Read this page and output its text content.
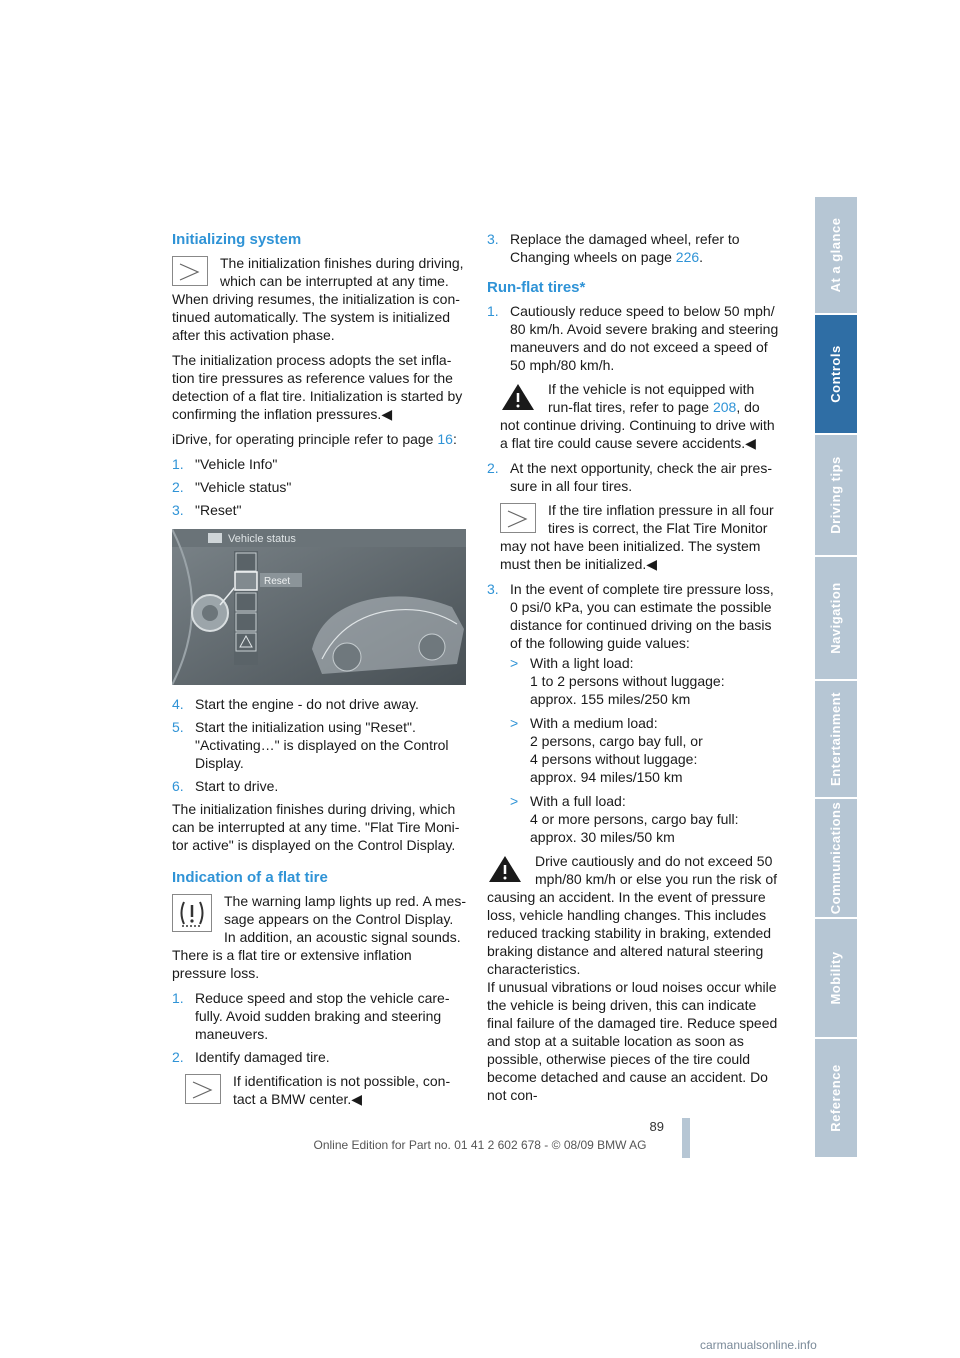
Initializing system

The initialization finishes during driving, which can be interrupted at any time. When driving resumes, the initialization is con-tinued automatically. The system is initialized after this activation phase.

The initialization process adopts the set infla-tion tire pressures as reference values for the detection of a flat tire. Initialization is started by confirming the inflation pressures.◀

iDrive, for operating principle refer to page 16:

1. "Vehicle Info"
2. "Vehicle status"
3. "Reset"
Vehicle status
Reset
4. Start the engine - do not drive away.
5. Start the initialization using "Reset". "Activating…" is displayed on the Control Display.
6. Start to drive.

The initialization finishes during driving, which can be interrupted at any time. "Flat Tire Moni-tor active" is displayed on the Control Display.

Indication of a flat tire

The warning lamp lights up red. A mes-sage appears on the Control Display. In addition, an acoustic signal sounds. There is a flat tire or extensive inflation pressure loss.

1. Reduce speed and stop the vehicle care-fully. Avoid sudden braking and steering maneuvers.
2. Identify damaged tire.

If identification is not possible, con-tact a BMW center.◀

3. Replace the damaged wheel, refer to Changing wheels on page 226.
Run-flat tires*
1. Cautiously reduce speed to below 50 mph/ 80 km/h. Avoid severe braking and steering maneuvers and do not exceed a speed of 50 mph/80 km/h.

If the vehicle is not equipped with run-flat tires, refer to page 208, do not continue driving. Continuing to drive with a flat tire could cause severe accidents.◀

2. At the next opportunity, check the air pres-sure in all four tires.

If the tire inflation pressure in all four tires is correct, the Flat Tire Monitor may not have been initialized. The system must then be initialized.◀

3. In the event of complete tire pressure loss, 0 psi/0 kPa, you can estimate the possible distance for continued driving on the basis of the following guide values:
> With a light load:
1 to 2 persons without luggage:
approx. 155 miles/250 km
> With a medium load:
2 persons, cargo bay full, or
4 persons without luggage:
approx. 94 miles/150 km
> With a full load:
4 or more persons, cargo bay full:
approx. 30 miles/50 km

Drive cautiously and do not exceed 50 mph/80 km/h or else you run the risk of causing an accident. In the event of pressure loss, vehicle handling changes. This includes reduced tracking stability in braking, extended braking distance and altered natural steering characteristics.

If unusual vibrations or loud noises occur while the vehicle is being driven, this can indicate final failure of the damaged tire. Reduce speed and stop at a suitable location as soon as possible, otherwise pieces of the tire could become detached and cause an accident. Do not con-

At a glance
Controls
Driving tips
Navigation
Entertainment
Communications
Mobility
Reference
89
Online Edition for Part no. 01 41 2 602 678 - © 08/09 BMW AG
carmanualsonline.info
